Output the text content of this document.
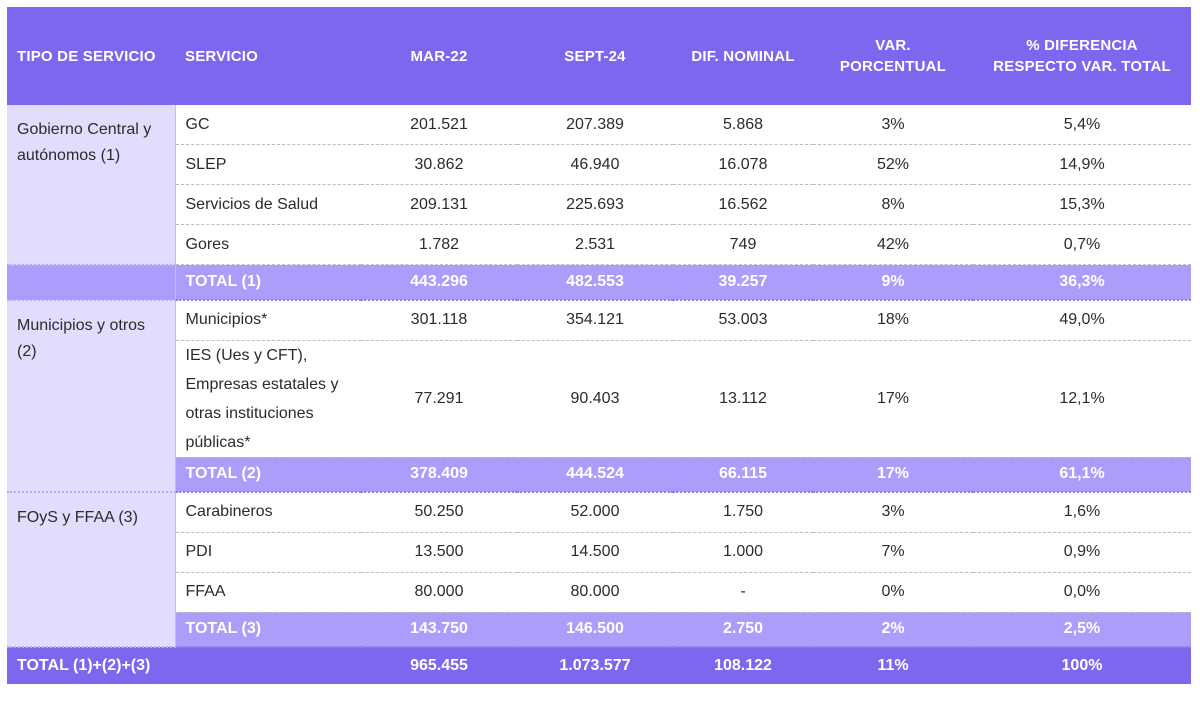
TIPO DE SERVICIO	SERVICIO	MAR-22	SEPT-24	DIF. NOMINAL	VAR. PORCENTUAL	% DIFERENCIA RESPECTO VAR. TOTAL
Gobierno Central y autónomos (1)	GC	201.521	207.389	5.868	3%	5,4%
	SLEP	30.862	46.940	16.078	52%	14,9%
	Servicios de Salud	209.131	225.693	16.562	8%	15,3%
	Gores	1.782	2.531	749	42%	0,7%
	TOTAL (1)	443.296	482.553	39.257	9%	36,3%
Municipios y otros (2)	Municipios*	301.118	354.121	53.003	18%	49,0%
	IES (Ues y CFT), Empresas estatales y otras instituciones públicas*	77.291	90.403	13.112	17%	12,1%
	TOTAL (2)	378.409	444.524	66.115	17%	61,1%
FOyS y FFAA (3)	Carabineros	50.250	52.000	1.750	3%	1,6%
	PDI	13.500	14.500	1.000	7%	0,9%
	FFAA	80.000	80.000	-	0%	0,0%
	TOTAL (3)	143.750	146.500	2.750	2%	2,5%
TOTAL (1)+(2)+(3)		965.455	1.073.577	108.122	11%	100%
